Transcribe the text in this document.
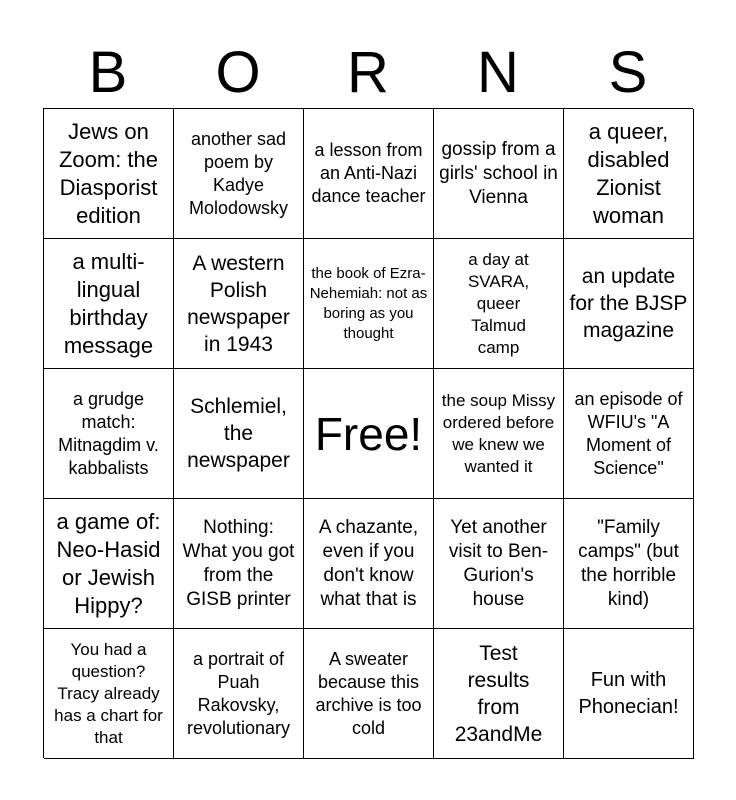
B	O	R	N	S
Jews on Zoom: the Diasporist edition
another sad poem by Kadye Molodowsky
a lesson from an Anti-Nazi dance teacher
gossip from a girls' school in Vienna
a queer, disabled Zionist woman
a multi-lingual birthday message
A western Polish newspaper in 1943
the book of Ezra-Nehemiah: not as boring as you thought
a day at SVARA, queer Talmud camp
an update for the BJSP magazine
a grudge match: Mitnagdim v. kabbalists
Schlemiel, the newspaper
Free!
the soup Missy ordered before we knew we wanted it
an episode of WFIU's "A Moment of Science"
a game of: Neo-Hasid or Jewish Hippy?
Nothing: What you got from the GISB printer
A chazante, even if you don't know what that is
Yet another visit to Ben-Gurion's house
"Family camps" (but the horrible kind)
You had a question? Tracy already has a chart for that
a portrait of Puah Rakovsky, revolutionary
A sweater because this archive is too cold
Test results from 23andMe
Fun with Phonecian!
